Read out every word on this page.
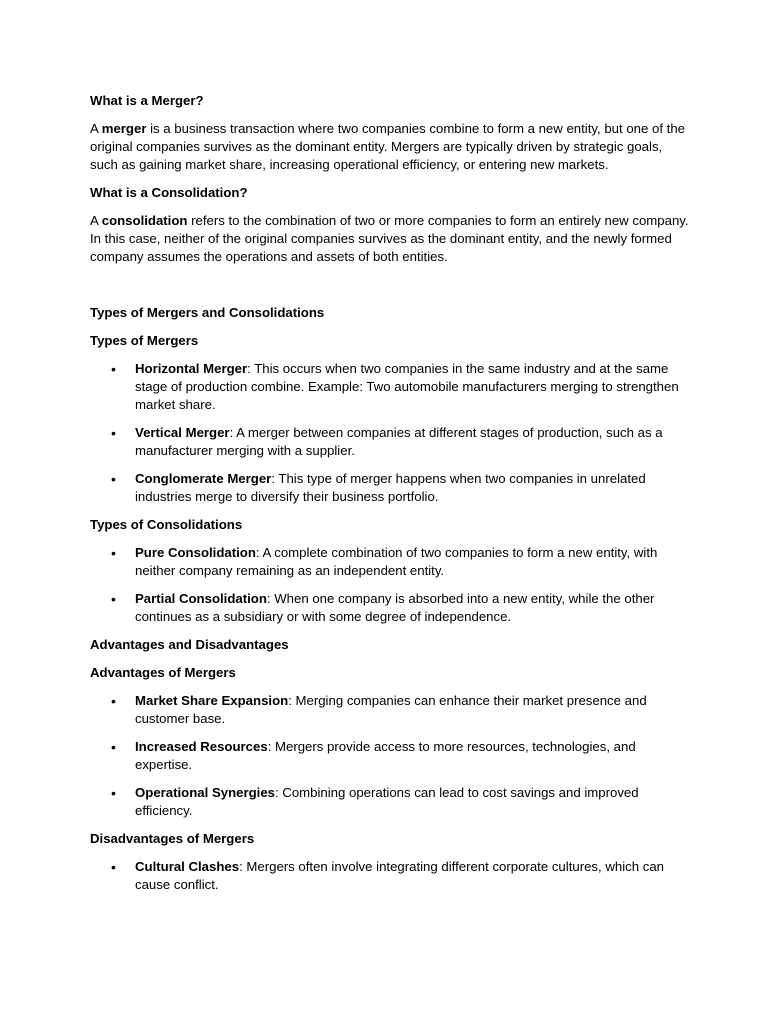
What is a Merger?

A merger is a business transaction where two companies combine to form a new entity, but one of the original companies survives as the dominant entity. Mergers are typically driven by strategic goals, such as gaining market share, increasing operational efficiency, or entering new markets.

What is a Consolidation?

A consolidation refers to the combination of two or more companies to form an entirely new company. In this case, neither of the original companies survives as the dominant entity, and the newly formed company assumes the operations and assets of both entities.

Types of Mergers and Consolidations
Types of Mergers
• Horizontal Merger: This occurs when two companies in the same industry and at the same stage of production combine. Example: Two automobile manufacturers merging to strengthen market share.
• Vertical Merger: A merger between companies at different stages of production, such as a manufacturer merging with a supplier.
• Conglomerate Merger: This type of merger happens when two companies in unrelated industries merge to diversify their business portfolio.
Types of Consolidations
• Pure Consolidation: A complete combination of two companies to form a new entity, with neither company remaining as an independent entity.
• Partial Consolidation: When one company is absorbed into a new entity, while the other continues as a subsidiary or with some degree of independence.
Advantages and Disadvantages
Advantages of Mergers
• Market Share Expansion: Merging companies can enhance their market presence and customer base.
• Increased Resources: Mergers provide access to more resources, technologies, and expertise.
• Operational Synergies: Combining operations can lead to cost savings and improved efficiency.
Disadvantages of Mergers
• Cultural Clashes: Mergers often involve integrating different corporate cultures, which can cause conflict.
